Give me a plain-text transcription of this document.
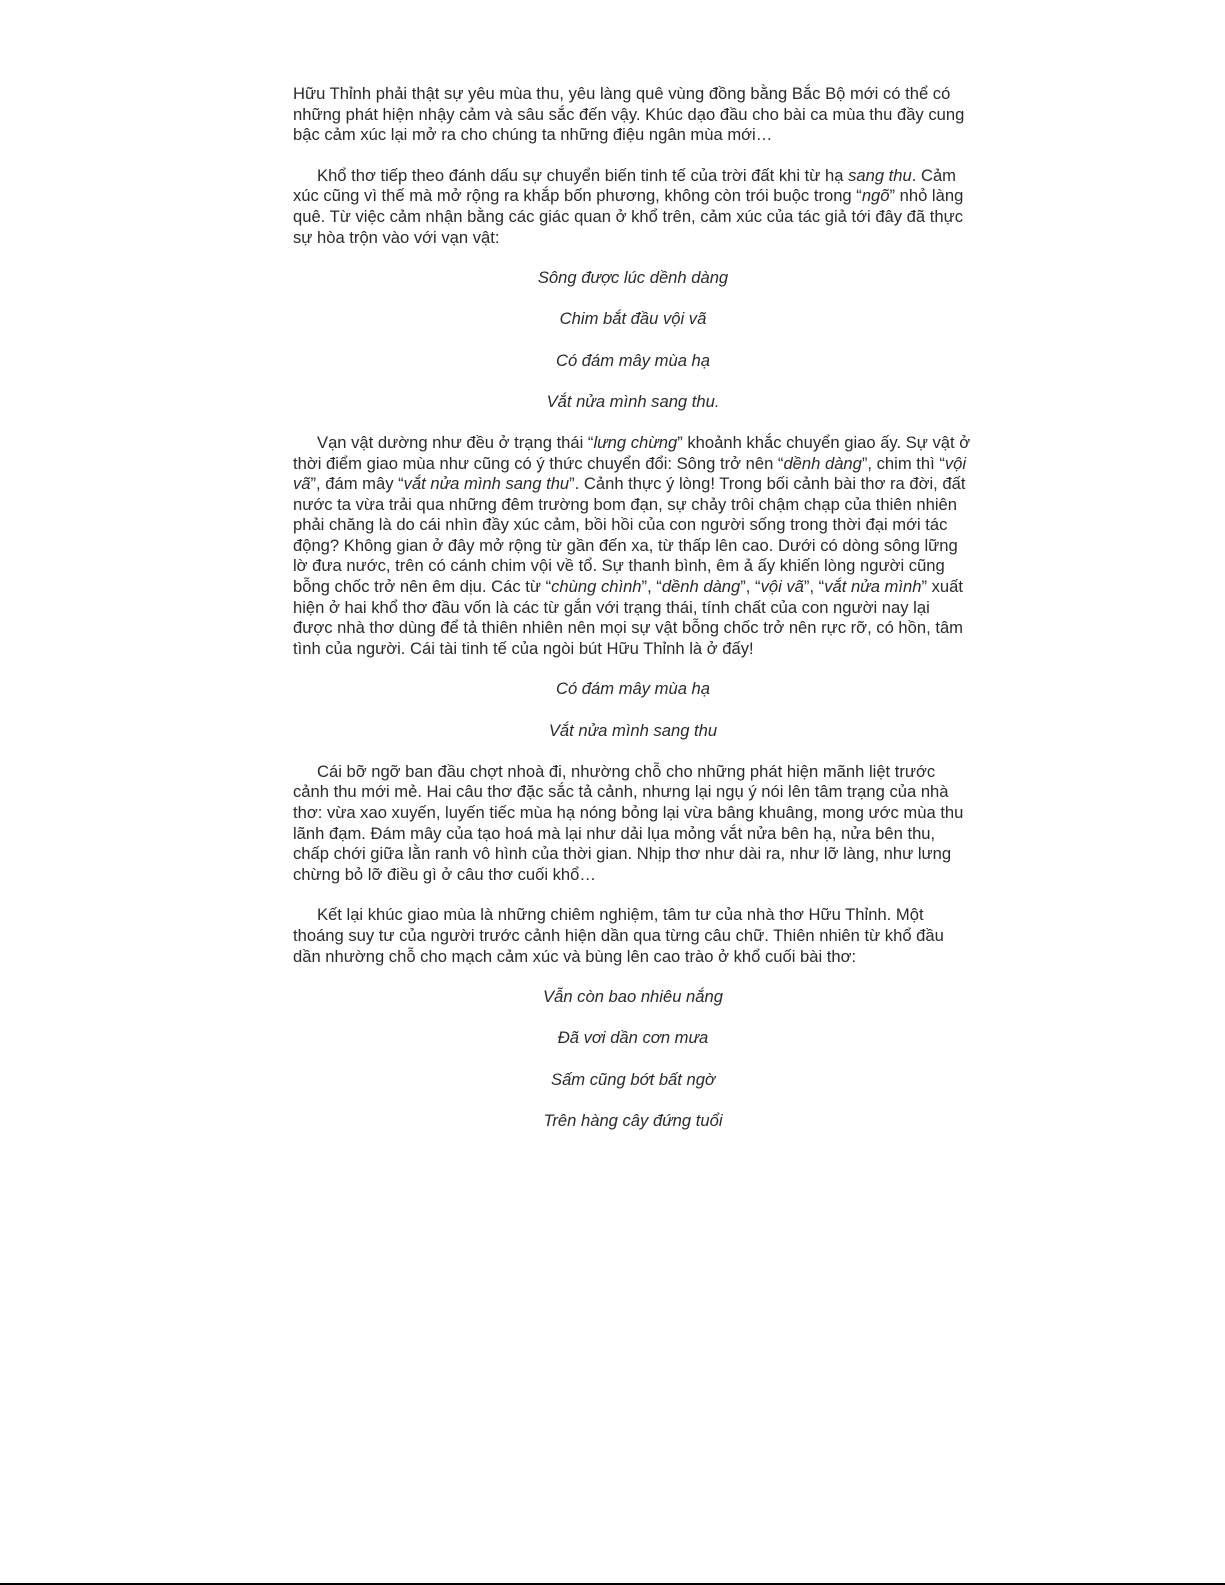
Hữu Thỉnh phải thật sự yêu mùa thu, yêu làng quê vùng đồng bằng Bắc Bộ mới có thể có những phát hiện nhậy cảm và sâu sắc đến vậy. Khúc dạo đầu cho bài ca mùa thu đầy cung bậc cảm xúc lại mở ra cho chúng ta những điệu ngân mùa mới…

Khổ thơ tiếp theo đánh dấu sự chuyển biến tinh tế của trời đất khi từ hạ sang thu. Cảm xúc cũng vì thế mà mở rộng ra khắp bốn phương, không còn trói buộc trong “ngõ” nhỏ làng quê. Từ việc cảm nhận bằng các giác quan ở khổ trên, cảm xúc của tác giả tới đây đã thực sự hòa trộn vào với vạn vật:

Sông được lúc dềnh dàng
Chim bắt đầu vội vã
Có đám mây mùa hạ
Vắt nửa mình sang thu.

Vạn vật dường như đều ở trạng thái “lưng chừng” khoảnh khắc chuyển giao ấy. Sự vật ở thời điểm giao mùa như cũng có ý thức chuyển đổi: Sông trở nên “dềnh dàng”, chim thì “vội vã”, đám mây “vắt nửa mình sang thu”. Cảnh thực ý lòng! Trong bối cảnh bài thơ ra đời, đất nước ta vừa trải qua những đêm trường bom đạn, sự chảy trôi chậm chạp của thiên nhiên phải chăng là do cái nhìn đầy xúc cảm, bồi hồi của con người sống trong thời đại mới tác động? Không gian ở đây mở rộng từ gần đến xa, từ thấp lên cao. Dưới có dòng sông lững lờ đưa nước, trên có cánh chim vội về tổ. Sự thanh bình, êm ả ấy khiến lòng người cũng bỗng chốc trở nên êm dịu. Các từ “chùng chình”, “dềnh dàng”, “vội vã”, “vắt nửa mình” xuất hiện ở hai khổ thơ đầu vốn là các từ gắn với trạng thái, tính chất của con người nay lại được nhà thơ dùng để tả thiên nhiên nên mọi sự vật bỗng chốc trở nên rực rỡ, có hồn, tâm tình của người. Cái tài tinh tế của ngòi bút Hữu Thỉnh là ở đấy!

Có đám mây mùa hạ
Vắt nửa mình sang thu

Cái bỡ ngỡ ban đầu chợt nhoà đi, nhường chỗ cho những phát hiện mãnh liệt trước cảnh thu mới mẻ. Hai câu thơ đặc sắc tả cảnh, nhưng lại ngụ ý nói lên tâm trạng của nhà thơ: vừa xao xuyến, luyến tiếc mùa hạ nóng bỏng lại vừa bâng khuâng, mong ước mùa thu lãnh đạm. Đám mây của tạo hoá mà lại như dải lụa mỏng vắt nửa bên hạ, nửa bên thu, chấp chới giữa lằn ranh vô hình của thời gian. Nhịp thơ như dài ra, như lỡ làng, như lưng chừng bỏ lỡ điều gì ở câu thơ cuối khổ…

Kết lại khúc giao mùa là những chiêm nghiệm, tâm tư của nhà thơ Hữu Thỉnh. Một thoáng suy tư của người trước cảnh hiện dần qua từng câu chữ. Thiên nhiên từ khổ đầu dần nhường chỗ cho mạch cảm xúc và bùng lên cao trào ở khổ cuối bài thơ:

Vẫn còn bao nhiêu nắng
Đã vơi dần cơn mưa
Sấm cũng bớt bất ngờ
Trên hàng cây đứng tuổi
